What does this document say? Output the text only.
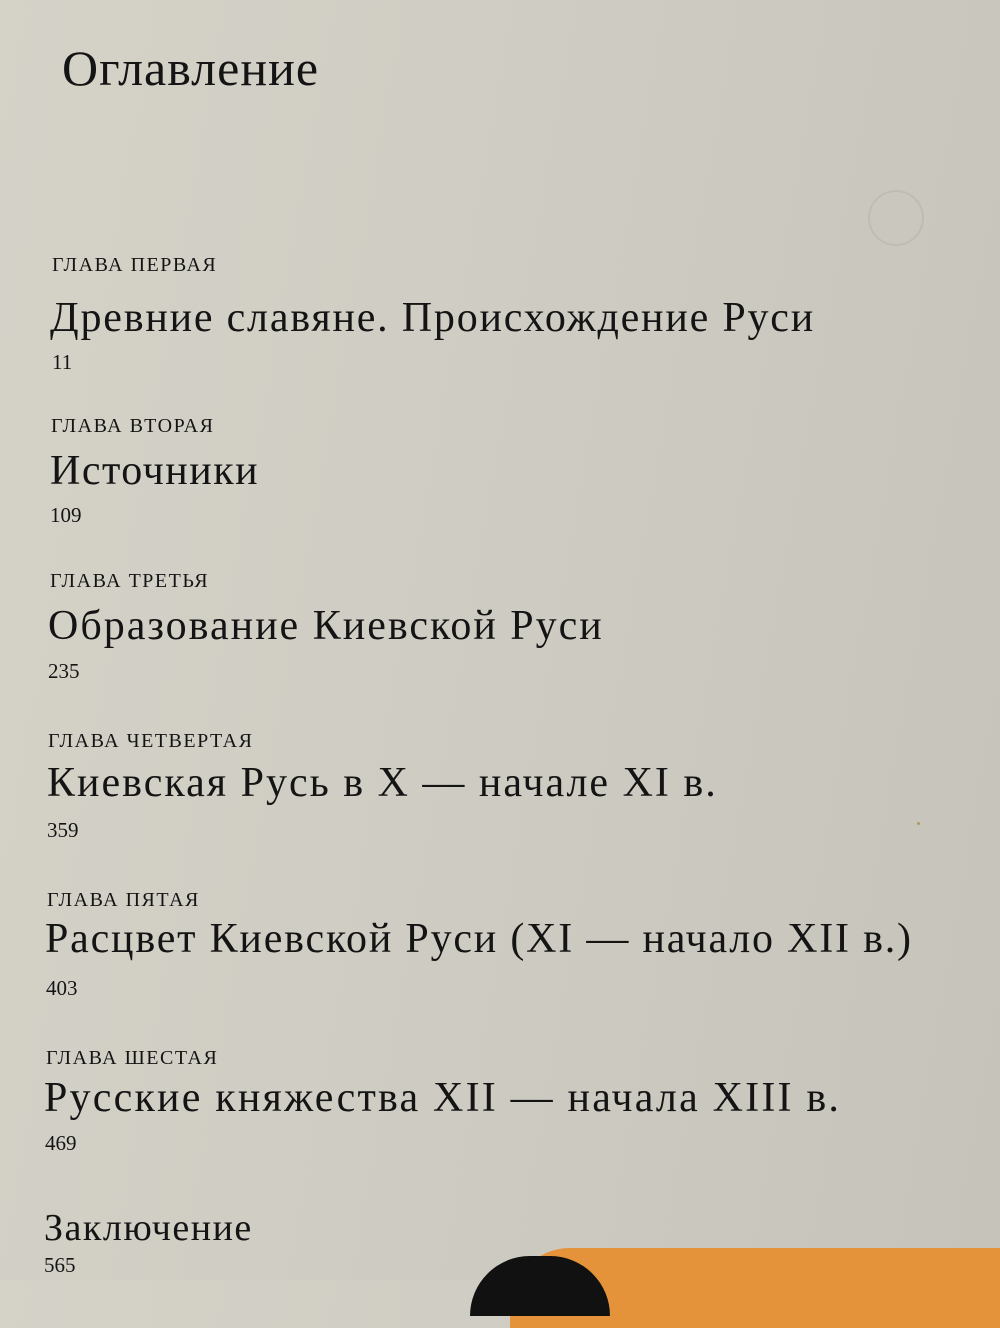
Оглавление
ГЛАВА ПЕРВАЯ
Древние славяне. Происхождение Руси
11
ГЛАВА ВТОРАЯ
Источники
109
ГЛАВА ТРЕТЬЯ
Образование Киевской Руси
235
ГЛАВА ЧЕТВЕРТАЯ
Киевская Русь в X — начале XI в.
359
ГЛАВА ПЯТАЯ
Расцвет Киевской Руси (XI — начало XII в.)
403
ГЛАВА ШЕСТАЯ
Русские княжества XII — начала XIII в.
469
Заключение
565
